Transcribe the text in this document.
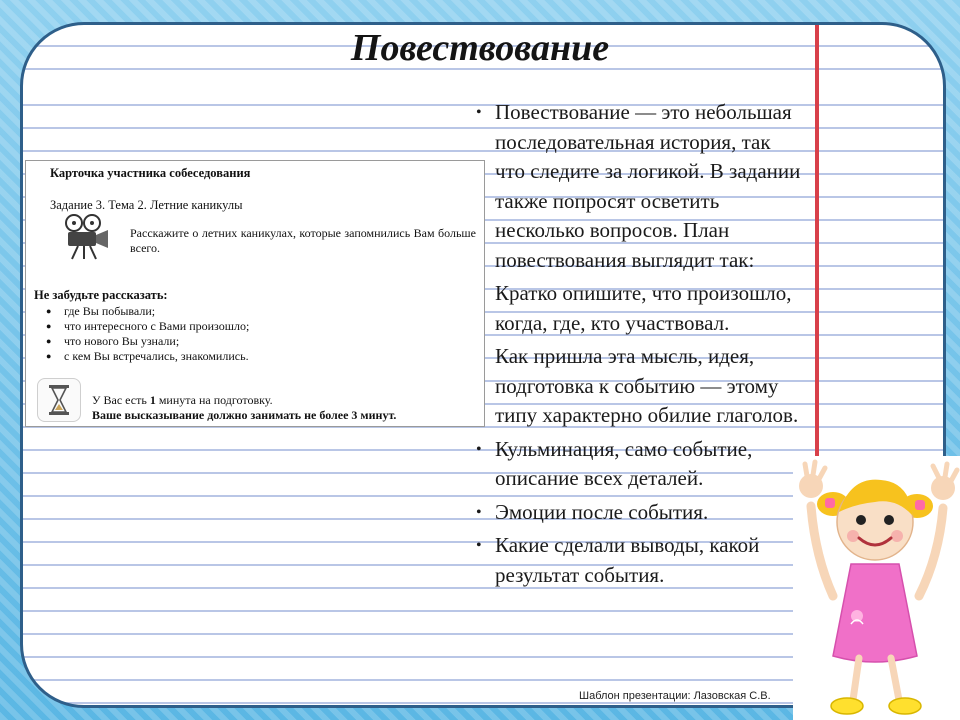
Повествование
Карточка участника собеседования
Задание 3. Тема 2. Летние каникулы
Расскажите о летних каникулах, которые запомнились Вам больше всего.
Не забудьте рассказать:
● где Вы побывали;
● что интересного с Вами произошло;
● что нового Вы узнали;
● с кем Вы встречались, знакомились.
У Вас есть 1 минута на подготовку.
Ваше высказывание должно занимать не более 3 минут.
• Повествование — это небольшая последовательная история, так что следите за логикой. В задании также попросят осветить несколько вопросов. План повествования выглядит так:
Кратко опишите, что произошло, когда, где, кто участвовал.
Как пришла эта мысль, идея, подготовка к событию — этому типу характерно обилие глаголов.
• Кульминация, само событие, описание всех деталей.
• Эмоции после события.
• Какие сделали выводы, какой результат события.
Шаблон презентации: Лазовская С.В.
